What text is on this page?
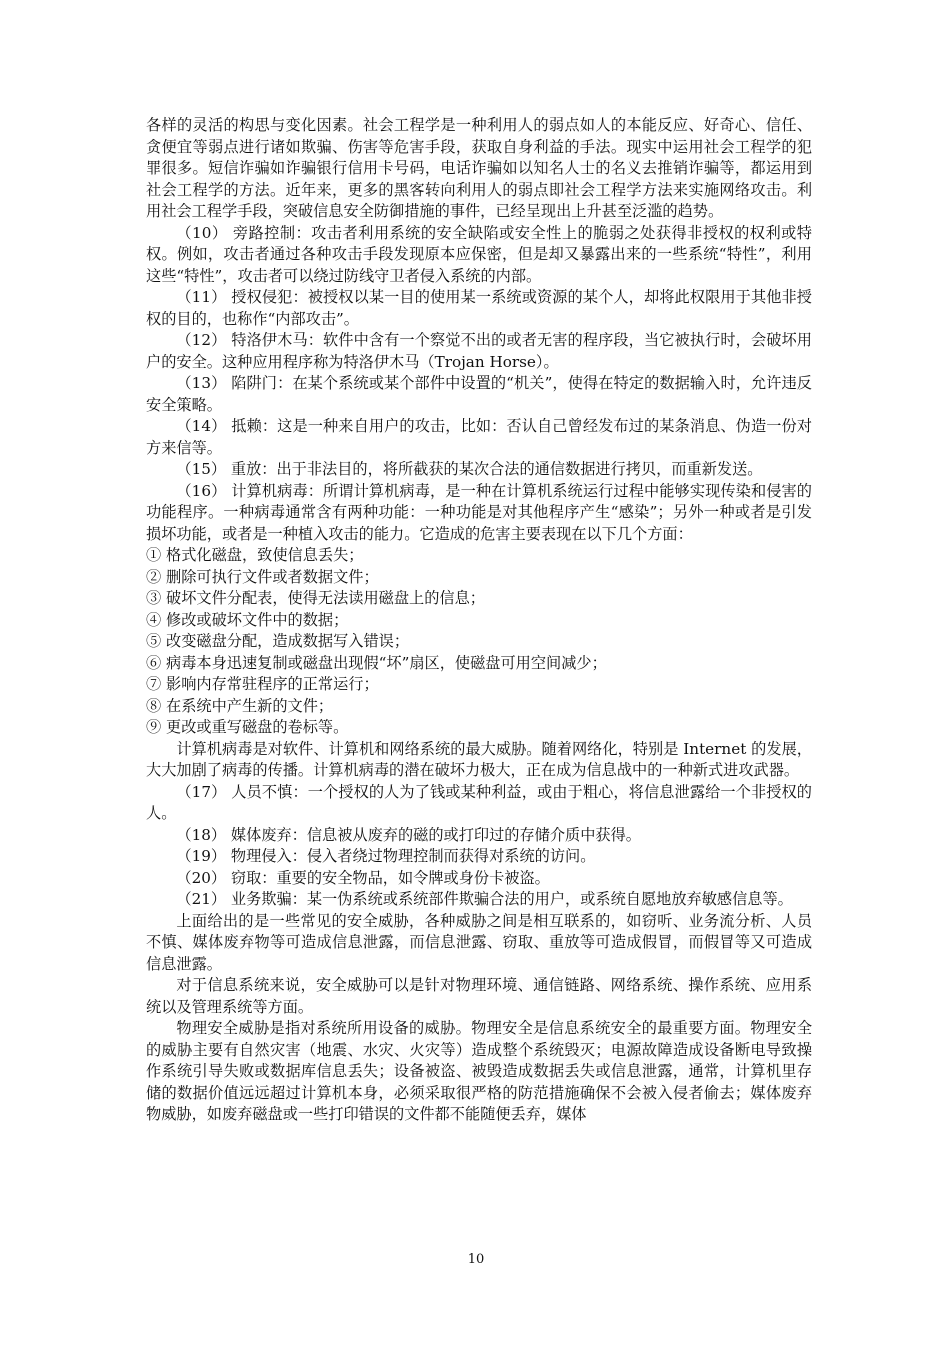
各样的灵活的构思与变化因素。社会工程学是一种利用人的弱点如人的本能反应、好奇心、信任、贪便宜等弱点进行诸如欺骗、伤害等危害手段，获取自身利益的手法。现实中运用社会工程学的犯罪很多。短信诈骗如诈骗银行信用卡号码，电话诈骗如以知名人士的名义去推销诈骗等，都运用到社会工程学的方法。近年来，更多的黑客转向利用人的弱点即社会工程学方法来实施网络攻击。利用社会工程学手段，突破信息安全防御措施的事件，已经呈现出上升甚至泛滥的趋势。

（10） 旁路控制：攻击者利用系统的安全缺陷或安全性上的脆弱之处获得非授权的权利或特权。例如，攻击者通过各种攻击手段发现原本应保密，但是却又暴露出来的一些系统“特性”，利用这些“特性”，攻击者可以绕过防线守卫者侵入系统的内部。

（11） 授权侵犯：被授权以某一目的使用某一系统或资源的某个人，却将此权限用于其他非授权的目的，也称作“内部攻击”。

（12） 特洛伊木马：软件中含有一个察觉不出的或者无害的程序段，当它被执行时，会破坏用户的安全。这种应用程序称为特洛伊木马（Trojan Horse）。

（13） 陷阱门：在某个系统或某个部件中设置的“机关”，使得在特定的数据输入时，允许违反安全策略。

（14） 抵赖：这是一种来自用户的攻击，比如：否认自己曾经发布过的某条消息、伪造一份对方来信等。

（15） 重放：出于非法目的，将所截获的某次合法的通信数据进行拷贝，而重新发送。

（16） 计算机病毒：所谓计算机病毒，是一种在计算机系统运行过程中能够实现传染和侵害的功能程序。一种病毒通常含有两种功能：一种功能是对其他程序产生“感染”；另外一种或者是引发损坏功能，或者是一种植入攻击的能力。它造成的危害主要表现在以下几个方面：

① 格式化磁盘，致使信息丢失；

② 删除可执行文件或者数据文件；

③ 破坏文件分配表，使得无法读用磁盘上的信息；

④ 修改或破坏文件中的数据；

⑤ 改变磁盘分配，造成数据写入错误；

⑥ 病毒本身迅速复制或磁盘出现假“坏”扇区，使磁盘可用空间减少；

⑦ 影响内存常驻程序的正常运行；

⑧ 在系统中产生新的文件；

⑨ 更改或重写磁盘的卷标等。

计算机病毒是对软件、计算机和网络系统的最大威胁。随着网络化，特别是 Internet 的发展，大大加剧了病毒的传播。计算机病毒的潜在破坏力极大，正在成为信息战中的一种新式进攻武器。

（17） 人员不慎：一个授权的人为了钱或某种利益，或由于粗心，将信息泄露给一个非授权的人。

（18） 媒体废弃：信息被从废弃的磁的或打印过的存储介质中获得。

（19） 物理侵入：侵入者绕过物理控制而获得对系统的访问。

（20） 窃取：重要的安全物品，如令牌或身份卡被盗。

（21） 业务欺骗：某一伪系统或系统部件欺骗合法的用户，或系统自愿地放弃敏感信息等。

上面给出的是一些常见的安全威胁，各种威胁之间是相互联系的，如窃听、业务流分析、人员不慎、媒体废弃物等可造成信息泄露，而信息泄露、窃取、重放等可造成假冒，而假冒等又可造成信息泄露。

对于信息系统来说，安全威胁可以是针对物理环境、通信链路、网络系统、操作系统、应用系统以及管理系统等方面。

物理安全威胁是指对系统所用设备的威胁。物理安全是信息系统安全的最重要方面。物理安全的威胁主要有自然灾害（地震、水灾、火灾等）造成整个系统毁灭；电源故障造成设备断电导致操作系统引导失败或数据库信息丢失；设备被盗、被毁造成数据丢失或信息泄露，通常，计算机里存储的数据价值远远超过计算机本身，必须采取很严格的防范措施确保不会被入侵者偷去；媒体废弃物威胁，如废弃磁盘或一些打印错误的文件都不能随便丢弃，媒体

10
